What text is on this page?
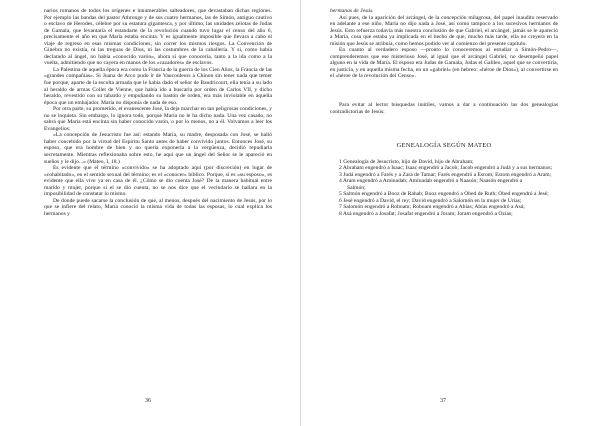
narios romanos de todos los orígenes e innumerables salteadores, que devastaban dichas regiones. Por ejemplo las bandas del pastor Athronge y de sus cuatro hermanos, las de Simón, antiguo cautivo o esclavo de Herodes, célebre por su estatura gigantesca, y por último, las unidades zelotas de Judas de Gamala, que levantaría el estandarte de la revolución cuando tuvo lugar el censo del año 6, precisamente el año en que María estaba encinta. Y es igualmente imposible que llevara a cabo el viaje de regreso en esas mismas condiciones, sin correr los mismos riesgos. La Convención de Ginebra no existía, ni las treguas de Dios, ni las costumbres de la caballería. Y si, como había declarado al ángel, no había «conocido varón», ahora sí que conocería, tanto a la ida como a la vuelta, admitiendo que no cayera en manos de los «cazadores» de esclavos.

La Palestina de aquella época era como la Francia de la guerra de los Cien Años, la Francia de las «grandes compañías». Si Juana de Arco pudo ir de Vaucouleurs a Chinon sin tener nada que temer fue porque, aparte de la escolta armada que le había dado el señor de Baudricourt, ella tenía a su lado al heraldo de armas Collet de Vienne, que había ido a buscarla por orden de Carlos VII, y dicho heraldo, revestido con su tabardo y empuñando su bastón de orden, era más inviolable en aquella época que un embajador. María no disponía de nada de eso.

Por otra parte, su prometido, el evanescente José, la deja marchar en tan peligrosas condiciones, y no se inquieta. Sin embargo, lo ignora todo, porque María no le ha dicho nada. Una vez casado, no sabrá que María está encinta sin haber conocido varón, o por lo menos, no a él. Volvamos a leer los Evangelios:

«La concepción de Jesucristo fue así: estando María, su madre, desposada con José, se halló haber concebido por la virtud del Espíritu Santo antes de haber convivido juntos. Entonces José, su esposo, que era hombre de bien y no quería exponerla a la vergüenza, decidió repudiarla secretamente. Mientras reflexionaba sobre esto, he aquí que un ángel del Señor se le apareció en sueños y le dijo...» (Mateo, I, 18.)

Es evidente que el término «convivido» se ha adoptado aquí (por discreción) en lugar de «cohabitado», en el sentido sexual del término; es el «conocer» bíblico. Porque, si es «su esposo», es evidente que ella vive ya en casa de él. ¿Cómo se dio cuenta José? De la manera habitual entre marido y mujer, porque si el se dio cuenta, no se nos dice que el vecindario se hallara en la imposibilidad de constatar lo mismo.

De donde puede sacarse la conclusión de que, al menos, después del nacimiento de Jesús, por lo que se infiere del relato, María conoció la misma vida de todas las esposas, lo cual explica los hermanos y

36

hermanas de Jesús.

Así pues, de la aparición del arcángel, de la concepción milagrosa, del papel inaudito reservado en adelante a ese niño, María no dijo nada a José, así como tampoco a los sucesivos hermanos de Jesús. Esto refuerza todavía más nuestra conclusión de que Gabriel, el arcángel, jamás se le apareció a María, cosa que estaba ya implicada en el hecho de que, mucho más tarde, ella no creyera en la misión que Jesús se atribuía, como hemos podido ver al comienzo del presente capítulo.

En cuanto al verdadero esposo —pronto lo conoceremos al estudiar a Simón-Pedro—, comprenderemos que ese misterioso José, al igual que el arcángel Gabriel, no desempeñó papel alguno en la vida de María. El esposo era Judas de Gamala, Judas el Galileo, aquel que se convertiría, en justicia, y en aquella misma fecha, en un «gabriel» (en hebreo: «héroe de Dios»), al convertirse en el «héroe de la revolución del Censo».

Para evitar al lector búsquedas inútiles, vamos a dar a continuación las dos genealogías contradictorias de Jesús:

GENEALOGÍA SEGÚN MATEO

1 Genealogía de Jesucristo, hijo de David, hijo de Abraham;

2 Abraham engendró a Isaac; Isaac engendró a Jacob; Jacob engendró a Judá y a sus hermanos;

3 Judá engendró a Farés y a Zara de Tamar; Farés engendró a Esrom; Esrom engendró a Aram;

4 Aram engendró a Aminadab; Aminadab engendró a Naasón; Naasón engendró a

Salmón;

5 Salmón engendró a Booz de Rahab; Booz engendró a Obed de Ruth; Obed engendró a Jesé;

6 Jesé engendró a David, el rey; David engendró a Salomón en la mujer de Urías;

7 Salomón engendró a Roboam; Roboam engendró a Abías; Abías engendró a Asá;

8 Asá engendró a Josafat; Josafat engendró a Joram; Joram engendró a Ozías;

37
